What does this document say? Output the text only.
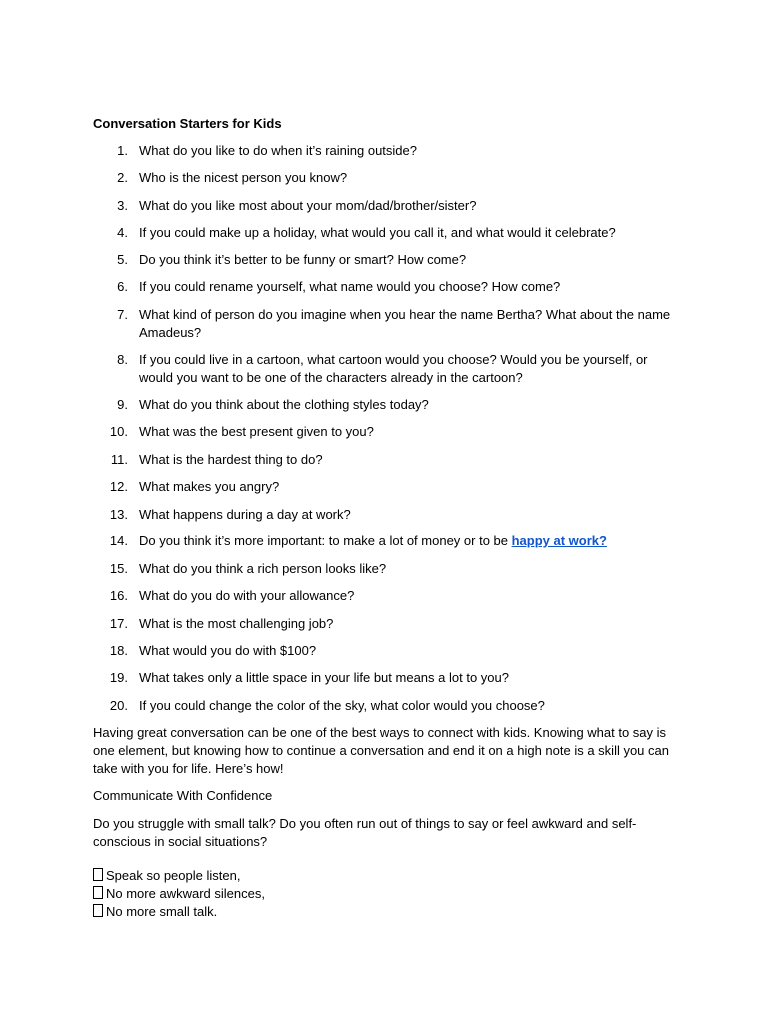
Conversation Starters for Kids
1. What do you like to do when it’s raining outside?
2. Who is the nicest person you know?
3. What do you like most about your mom/dad/brother/sister?
4. If you could make up a holiday, what would you call it, and what would it celebrate?
5. Do you think it’s better to be funny or smart? How come?
6. If you could rename yourself, what name would you choose? How come?
7. What kind of person do you imagine when you hear the name Bertha? What about the name
Amadeus?
8. If you could live in a cartoon, what cartoon would you choose? Would you be yourself, or
would you want to be one of the characters already in the cartoon?
9. What do you think about the clothing styles today?
10. What was the best present given to you?
11. What is the hardest thing to do?
12. What makes you angry?
13. What happens during a day at work?
14. Do you think it’s more important: to make a lot of money or to be happy at work?
15. What do you think a rich person looks like?
16. What do you do with your allowance?
17. What is the most challenging job?
18. What would you do with $100?
19. What takes only a little space in your life but means a lot to you?
20. If you could change the color of the sky, what color would you choose?
Having great conversation can be one of the best ways to connect with kids. Knowing what to say is
one element, but knowing how to continue a conversation and end it on a high note is a skill you can
take with you for life. Here’s how!
Communicate With Confidence
Do you struggle with small talk? Do you often run out of things to say or feel awkward and self-
conscious in social situations?
Speak so people listen,
No more awkward silences,
No more small talk.
